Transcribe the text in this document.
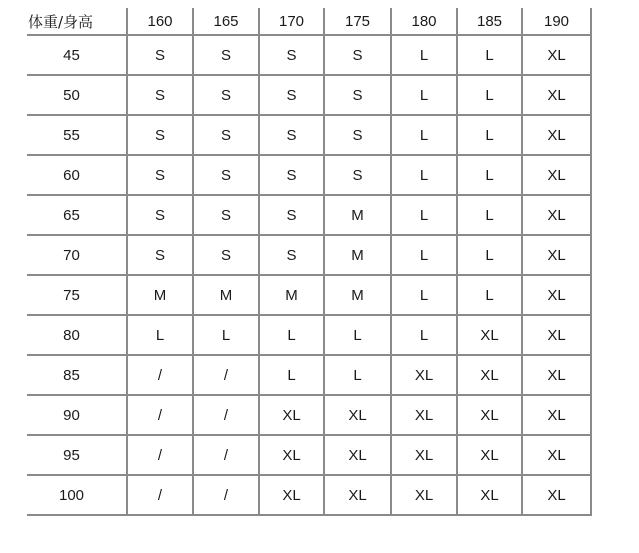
体重/身高	160	165	170	175	180	185	190
45	S	S	S	S	L	L	XL
50	S	S	S	S	L	L	XL
55	S	S	S	S	L	L	XL
60	S	S	S	S	L	L	XL
65	S	S	S	M	L	L	XL
70	S	S	S	M	L	L	XL
75	M	M	M	M	L	L	XL
80	L	L	L	L	L	XL	XL
85	/	/	L	L	XL	XL	XL
90	/	/	XL	XL	XL	XL	XL
95	/	/	XL	XL	XL	XL	XL
100	/	/	XL	XL	XL	XL	XL
